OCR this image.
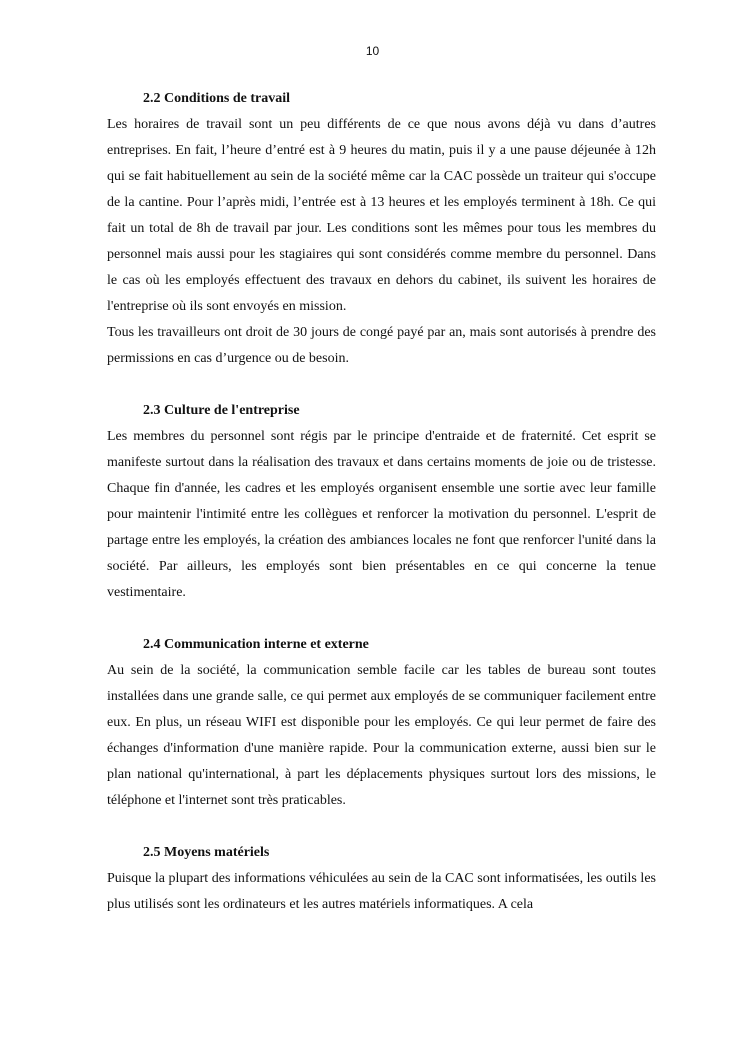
10
2.2 Conditions de travail

Les horaires de travail sont un peu différents de ce que nous avons déjà vu dans d’autres entreprises. En fait, l’heure d’entré est à 9 heures du matin, puis il y a une pause déjeunée à 12h qui se fait habituellement au sein de la société même car la CAC possède un traiteur qui s'occupe de la cantine. Pour l’après midi, l’entrée est à 13 heures et les employés terminent à 18h. Ce qui fait un total de 8h de travail par jour. Les conditions sont les mêmes pour tous les membres du personnel mais aussi pour les stagiaires qui sont considérés comme membre du personnel. Dans le cas où les employés effectuent des travaux en dehors du cabinet, ils suivent les horaires de l'entreprise où ils sont envoyés en mission.

Tous les travailleurs ont droit de 30 jours de congé payé par an, mais sont autorisés à prendre des permissions en cas d’urgence ou de besoin.

2.3 Culture de l'entreprise

Les membres du personnel sont régis par le principe d'entraide et de fraternité. Cet esprit se manifeste surtout dans la réalisation des travaux et dans certains moments de joie ou de tristesse. Chaque fin d'année, les cadres et les employés organisent ensemble une sortie avec leur famille pour maintenir l'intimité entre les collègues et renforcer la motivation du personnel. L'esprit de partage entre les employés, la création des ambiances locales ne font que renforcer l'unité dans la société. Par ailleurs, les employés sont bien présentables en ce qui concerne la tenue vestimentaire.

2.4 Communication interne et externe

Au sein de la société, la communication semble facile car les tables de bureau sont toutes installées dans une grande salle, ce qui permet aux employés de se communiquer facilement entre eux. En plus, un réseau WIFI est disponible pour les employés. Ce qui leur permet de faire des échanges d'information d'une manière rapide. Pour la communication externe, aussi bien sur le plan national qu'international, à part les déplacements physiques surtout lors des missions, le téléphone et l'internet sont très praticables.

2.5 Moyens matériels

Puisque la plupart des informations véhiculées au sein de la CAC sont informatisées, les outils les plus utilisés sont les ordinateurs et les autres matériels informatiques. A cela
